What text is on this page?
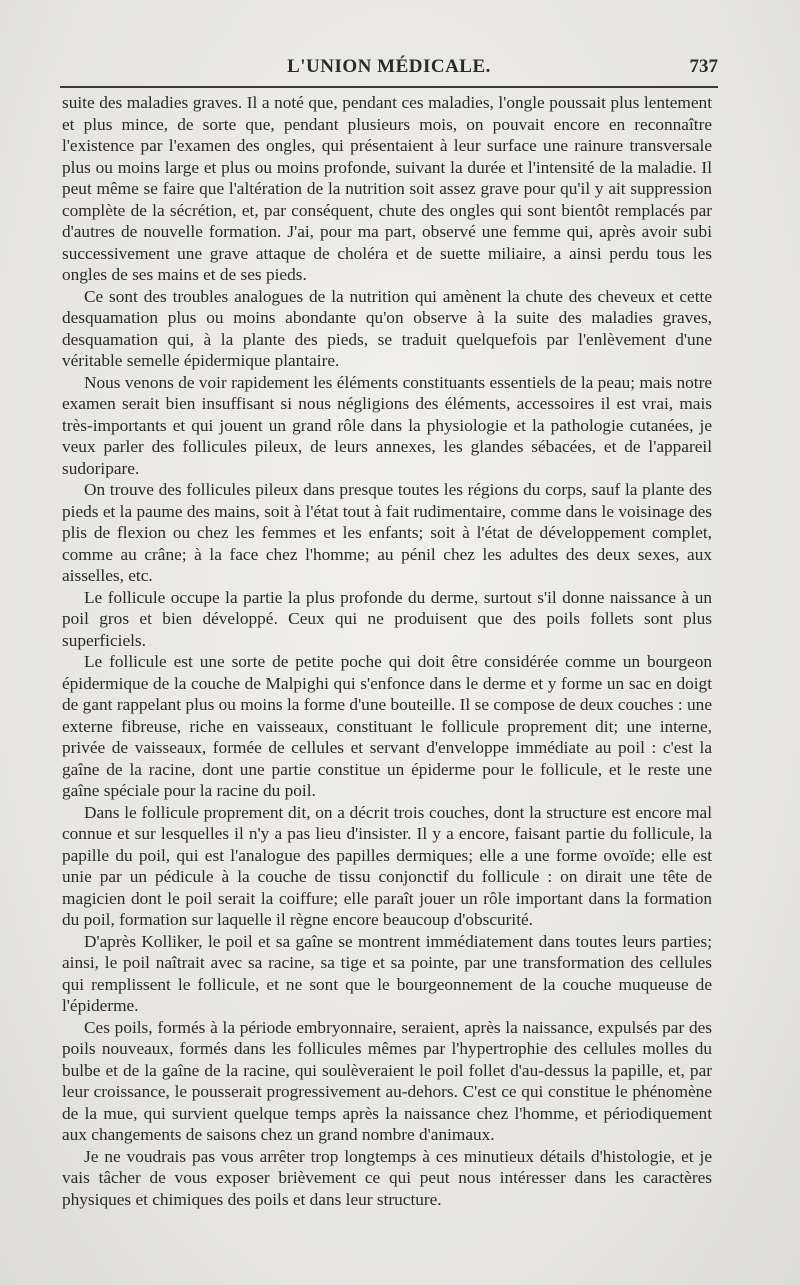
L'UNION MÉDICALE.	737

suite des maladies graves. Il a noté que, pendant ces maladies, l'ongle poussait plus lentement et plus mince, de sorte que, pendant plusieurs mois, on pouvait encore en reconnaître l'existence par l'examen des ongles, qui présentaient à leur surface une rainure transversale plus ou moins large et plus ou moins profonde, suivant la durée et l'intensité de la maladie. Il peut même se faire que l'altération de la nutrition soit assez grave pour qu'il y ait suppression complète de la sécrétion, et, par conséquent, chute des ongles qui sont bientôt remplacés par d'autres de nouvelle formation. J'ai, pour ma part, observé une femme qui, après avoir subi successivement une grave attaque de choléra et de suette miliaire, a ainsi perdu tous les ongles de ses mains et de ses pieds.

Ce sont des troubles analogues de la nutrition qui amènent la chute des cheveux et cette desquamation plus ou moins abondante qu'on observe à la suite des maladies graves, desquamation qui, à la plante des pieds, se traduit quelquefois par l'enlèvement d'une véritable semelle épidermique plantaire.

Nous venons de voir rapidement les éléments constituants essentiels de la peau; mais notre examen serait bien insuffisant si nous négligions des éléments, accessoires il est vrai, mais très-importants et qui jouent un grand rôle dans la physiologie et la pathologie cutanées, je veux parler des follicules pileux, de leurs annexes, les glandes sébacées, et de l'appareil sudoripare.

On trouve des follicules pileux dans presque toutes les régions du corps, sauf la plante des pieds et la paume des mains, soit à l'état tout à fait rudimentaire, comme dans le voisinage des plis de flexion ou chez les femmes et les enfants; soit à l'état de développement complet, comme au crâne; à la face chez l'homme; au pénil chez les adultes des deux sexes, aux aisselles, etc.

Le follicule occupe la partie la plus profonde du derme, surtout s'il donne naissance à un poil gros et bien développé. Ceux qui ne produisent que des poils follets sont plus superficiels.

Le follicule est une sorte de petite poche qui doit être considérée comme un bourgeon épidermique de la couche de Malpighi qui s'enfonce dans le derme et y forme un sac en doigt de gant rappelant plus ou moins la forme d'une bouteille. Il se compose de deux couches : une externe fibreuse, riche en vaisseaux, constituant le follicule proprement dit; une interne, privée de vaisseaux, formée de cellules et servant d'enveloppe immédiate au poil : c'est la gaîne de la racine, dont une partie constitue un épiderme pour le follicule, et le reste une gaîne spéciale pour la racine du poil.

Dans le follicule proprement dit, on a décrit trois couches, dont la structure est encore mal connue et sur lesquelles il n'y a pas lieu d'insister. Il y a encore, faisant partie du follicule, la papille du poil, qui est l'analogue des papilles dermiques; elle a une forme ovoïde; elle est unie par un pédicule à la couche de tissu conjonctif du follicule : on dirait une tête de magicien dont le poil serait la coiffure; elle paraît jouer un rôle important dans la formation du poil, formation sur laquelle il règne encore beaucoup d'obscurité.

D'après Kolliker, le poil et sa gaîne se montrent immédiatement dans toutes leurs parties; ainsi, le poil naîtrait avec sa racine, sa tige et sa pointe, par une transformation des cellules qui remplissent le follicule, et ne sont que le bourgeonnement de la couche muqueuse de l'épiderme.

Ces poils, formés à la période embryonnaire, seraient, après la naissance, expulsés par des poils nouveaux, formés dans les follicules mêmes par l'hypertrophie des cellules molles du bulbe et de la gaîne de la racine, qui soulèveraient le poil follet d'au-dessus la papille, et, par leur croissance, le pousserait progressivement au-dehors. C'est ce qui constitue le phénomène de la mue, qui survient quelque temps après la naissance chez l'homme, et périodiquement aux changements de saisons chez un grand nombre d'animaux.

Je ne voudrais pas vous arrêter trop longtemps à ces minutieux détails d'histologie, et je vais tâcher de vous exposer brièvement ce qui peut nous intéresser dans les caractères physiques et chimiques des poils et dans leur structure.
